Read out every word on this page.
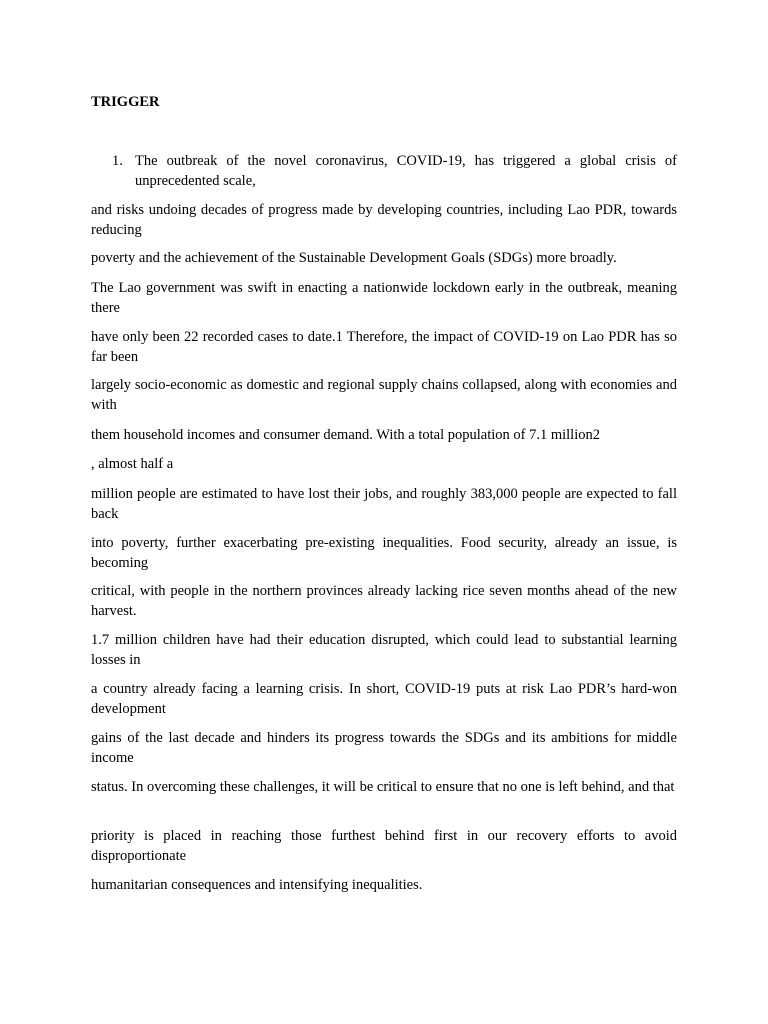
TRIGGER

1. The outbreak of the novel coronavirus, COVID-19, has triggered a global crisis of unprecedented scale,

and risks undoing decades of progress made by developing countries, including Lao PDR, towards reducing

poverty and the achievement of the Sustainable Development Goals (SDGs) more broadly.

The Lao government was swift in enacting a nationwide lockdown early in the outbreak, meaning there

have only been 22 recorded cases to date.1 Therefore, the impact of COVID-19 on Lao PDR has so far been

largely socio-economic as domestic and regional supply chains collapsed, along with economies and with

them household incomes and consumer demand. With a total population of 7.1 million2

, almost half a

million people are estimated to have lost their jobs, and roughly 383,000 people are expected to fall back

into poverty, further exacerbating pre-existing inequalities. Food security, already an issue, is becoming

critical, with people in the northern provinces already lacking rice seven months ahead of the new harvest.

1.7 million children have had their education disrupted, which could lead to substantial learning losses in

a country already facing a learning crisis. In short, COVID-19 puts at risk Lao PDR’s hard-won development

gains of the last decade and hinders its progress towards the SDGs and its ambitions for middle income

status. In overcoming these challenges, it will be critical to ensure that no one is left behind, and that

priority is placed in reaching those furthest behind first in our recovery efforts to avoid disproportionate

humanitarian consequences and intensifying inequalities.
